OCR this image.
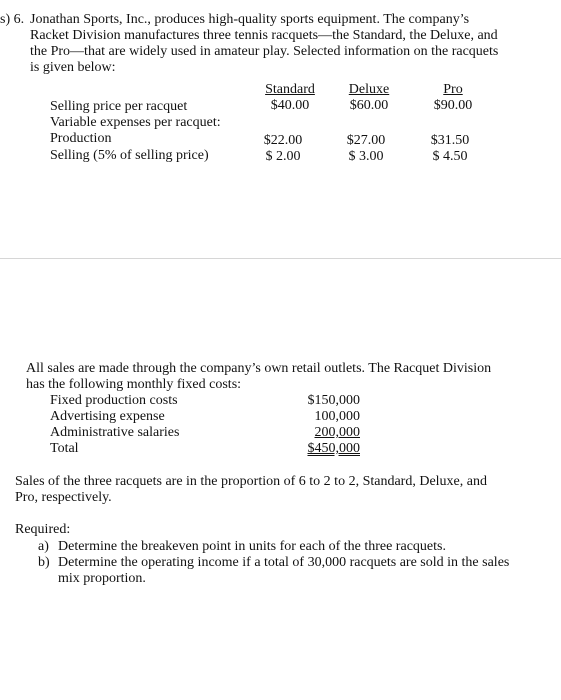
s) 6. Jonathan Sports, Inc., produces high-quality sports equipment. The company’s
Racket Division manufactures three tennis racquets—the Standard, the Deluxe, and
the Pro—that are widely used in amateur play. Selected information on the racquets
is given below:
Standard	Deluxe	Pro
Selling price per racquet	$40.00	$60.00	$90.00
Variable expenses per racquet:
Production	$22.00	$27.00	$31.50
Selling (5% of selling price)	$ 2.00	$ 3.00	$ 4.50
All sales are made through the company’s own retail outlets. The Racquet Division
has the following monthly fixed costs:
Fixed production costs	$150,000
Advertising expense	100,000
Administrative salaries	200,000
Total	$450,000
Sales of the three racquets are in the proportion of 6 to 2 to 2, Standard, Deluxe, and
Pro, respectively.
Required:
a) Determine the breakeven point in units for each of the three racquets.
b) Determine the operating income if a total of 30,000 racquets are sold in the sales
mix proportion.
